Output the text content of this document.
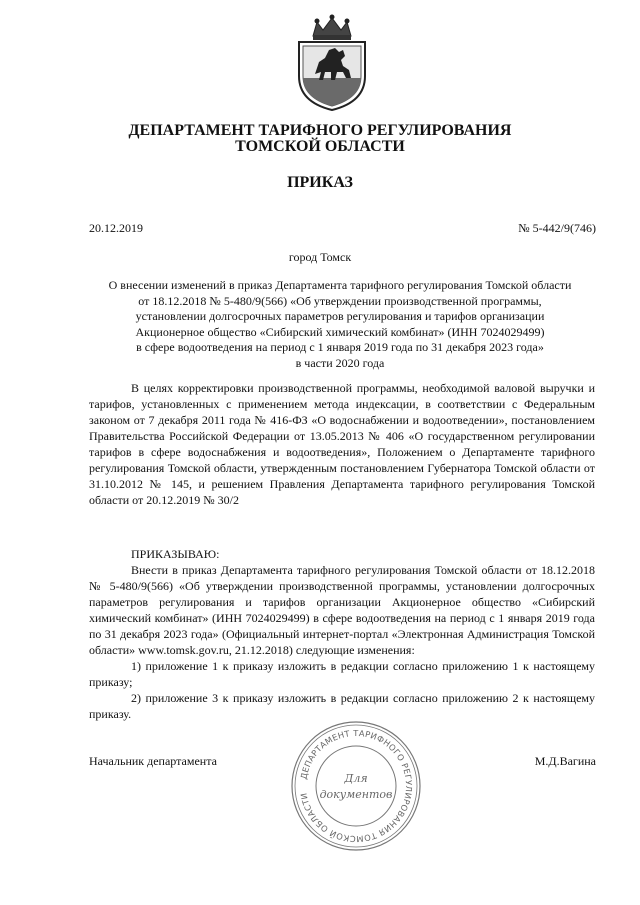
ДЕПАРТАМЕНТ ТАРИФНОГО РЕГУЛИРОВАНИЯ
ТОМСКОЙ ОБЛАСТИ
ПРИКАЗ
20.12.2019	№ 5-442/9(746)
город Томск
О внесении изменений в приказ Департамента тарифного регулирования Томской области
от 18.12.2018 № 5-480/9(566) «Об утверждении производственной программы,
установлении долгосрочных параметров регулирования и тарифов организации
Акционерное общество «Сибирский химический комбинат» (ИНН 7024029499)
в сфере водоотведения на период с 1 января 2019 года по 31 декабря 2023 года»
в части 2020 года
В целях корректировки производственной программы, необходимой валовой выручки и тарифов, установленных с применением метода индексации, в соответствии с Федеральным законом от 7 декабря 2011 года № 416-ФЗ «О водоснабжении и водоотведении», постановлением Правительства Российской Федерации от 13.05.2013 № 406 «О государственном регулировании тарифов в сфере водоснабжения и водоотведения», Положением о Департаменте тарифного регулирования Томской области, утвержденным постановлением Губернатора Томской области от 31.10.2012 № 145, и решением Правления Департамента тарифного регулирования Томской области от 20.12.2019 № 30/2
ПРИКАЗЫВАЮ:
Внести в приказ Департамента тарифного регулирования Томской области от 18.12.2018 № 5-480/9(566) «Об утверждении производственной программы, установлении долгосрочных параметров регулирования и тарифов организации Акционерное общество «Сибирский химический комбинат» (ИНН 7024029499) в сфере водоотведения на период с 1 января 2019 года по 31 декабря 2023 года» (Официальный интернет-портал «Электронная Администрация Томской области» www.tomsk.gov.ru, 21.12.2018) следующие изменения:
1) приложение 1 к приказу изложить в редакции согласно приложению 1 к настоящему приказу;
2) приложение 3 к приказу изложить в редакции согласно приложению 2 к настоящему приказу.
Начальник департамента	М.Д.Вагина
ДЕПАРТАМЕНТ ТАРИФНОГО РЕГУЛИРОВАНИЯ ТОМСКОЙ ОБЛАСТИ
Для
документов
